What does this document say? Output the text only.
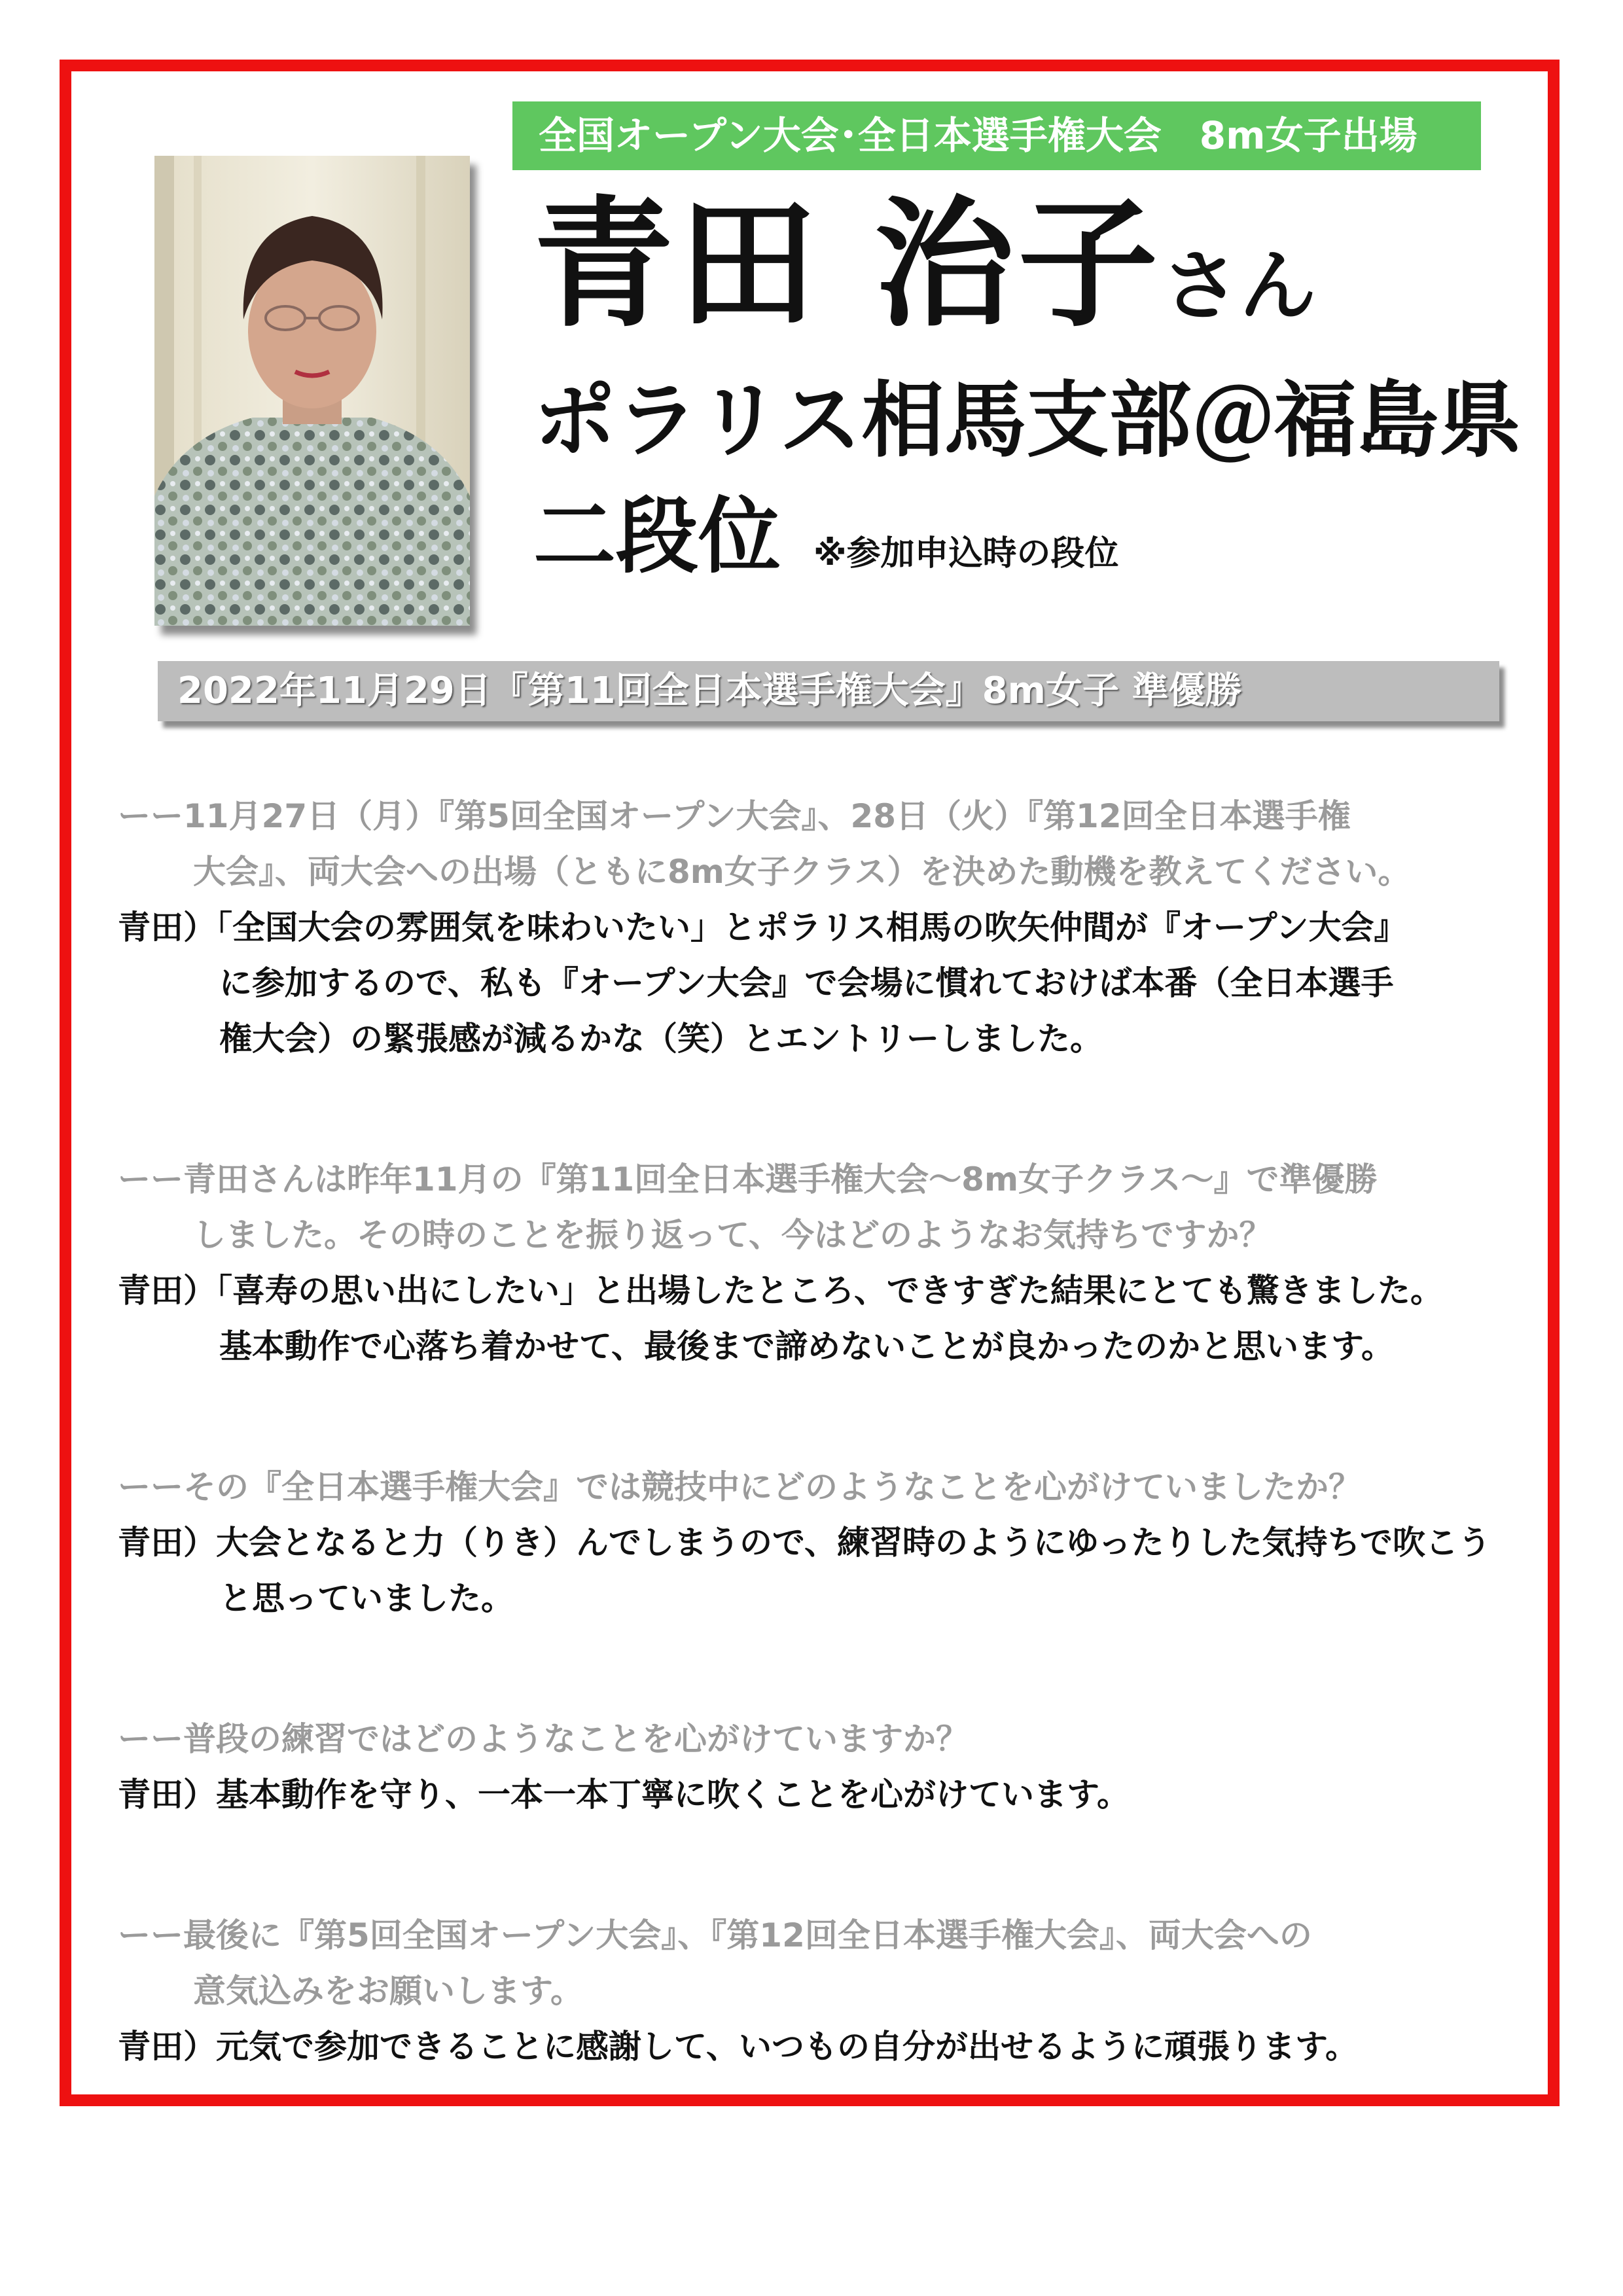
全国オープン大会･全日本選手権大会　8m女子出場
青田 治子さん
ポラリス相馬支部＠福島県
二段位 ※参加申込時の段位
2022年11月29日『第11回全日本選手権大会』8m女子 準優勝

ーー11月27日（月）『第5回全国オープン大会』、28日（火）『第12回全日本選手権
大会』、両大会への出場（ともに8m女子クラス）を決めた動機を教えてください。

青田）「全国大会の雰囲気を味わいたい」とポラリス相馬の吹矢仲間が『オープン大会』
に参加するので、私も『オープン大会』で会場に慣れておけば本番（全日本選手
権大会）の緊張感が減るかな（笑）とエントリーしました。

ーー青田さんは昨年11月の『第11回全日本選手権大会～8m女子クラス～』で準優勝
しました。その時のことを振り返って、今はどのようなお気持ちですか？

青田）「喜寿の思い出にしたい」と出場したところ、できすぎた結果にとても驚きました。
基本動作で心落ち着かせて、最後まで諦めないことが良かったのかと思います。

ーーその『全日本選手権大会』では競技中にどのようなことを心がけていましたか？

青田）大会となると力（りき）んでしまうので、練習時のようにゆったりした気持ちで吹こう
と思っていました。

ーー普段の練習ではどのようなことを心がけていますか？

青田）基本動作を守り、一本一本丁寧に吹くことを心がけています。

ーー最後に『第5回全国オープン大会』、『第12回全日本選手権大会』、両大会への
意気込みをお願いします。

青田）元気で参加できることに感謝して、いつもの自分が出せるように頑張ります。
